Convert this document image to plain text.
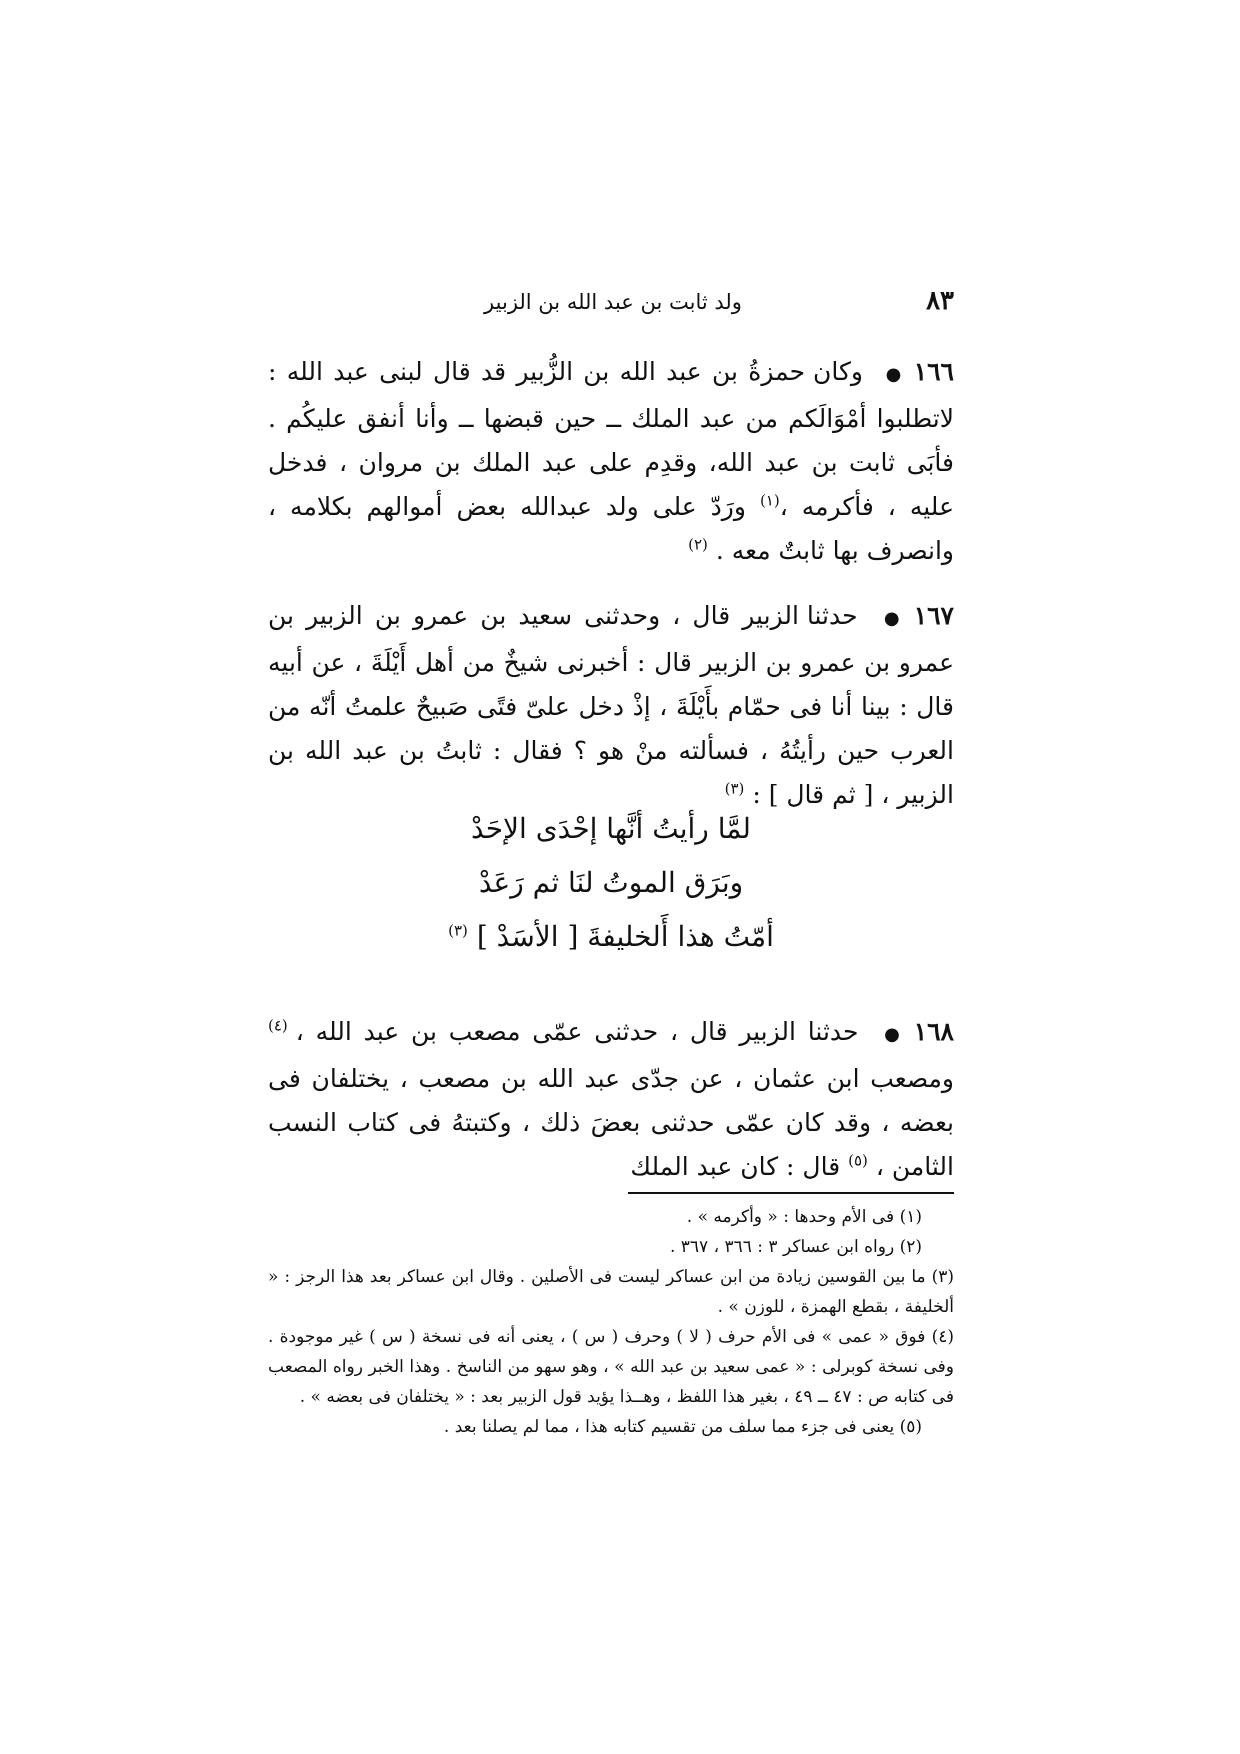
٨٣
ولد ثابت بن عبد الله بن الزبير
١٦٦● وكان حمزةُ بن عبد الله بن الزُّبير قد قال لبنى عبد الله : لاتطلبوا أمْوَالَكم من عبد الملك ــ حين قبضها ــ وأنا أنفق عليكُم . فأبَى ثابت بن عبد الله، وقدِم على عبد الملك بن مروان ، فدخل عليه ، فأكرمه ،$^{(١)}$ ورَدّ على ولد عبدالله بعض أموالهم بكلامه ، وانصرف بها ثابتٌ معه . $^{(٢)}$
١٦٧● حدثنا الزبير قال ، وحدثنى سعيد بن عمرو بن الزبير بن عمرو بن عمرو بن الزبير قال : أخبرنى شيخٌ من أهل أَيْلَةَ ، عن أبيه قال : بينا أنا فى حمّام بأَيْلَةَ ، إذْ دخل علىّ فتًى صَبيحٌ علمتُ أنّه من العرب حين رأيتُهُ ، فسألته منْ هو ؟ فقال : ثابتُ بن عبد الله بن الزبير ، [ ثم قال ] : $^{(٣)}$
لمَّا رأيتُ أنَّها إحْدَى الإحَدْ
وبَرَق الموتُ لنَا ثم رَعَدْ
أمّتُ هذا أَلخليفةَ [ الأسَدْ ] $^{(٣)}$
١٦٨● حدثنا الزبير قال ، حدثنى عمّى مصعب بن عبد الله ، $^{(٤)}$ ومصعب ابن عثمان ، عن جدّى عبد الله بن مصعب ، يختلفان فى بعضه ، وقد كان عمّى حدثنى بعضَ ذلك ، وكتبتهُ فى كتاب النسب الثامن ، $^{(٥)}$ قال : كان عبد الملك

(١) فى الأم وحدها : « وأكرمه » .

(٢) رواه ابن عساكر ٣ : ٣٦٦ ، ٣٦٧ .

(٣) ما بين القوسين زيادة من ابن عساكر ليست فى الأصلين . وقال ابن عساكر بعد هذا الرجز : « ألخليفة ، بقطع الهمزة ، للوزن » .

(٤) فوق « عمى » فى الأم حرف ( لا ) وحرف ( س ) ، يعنى أنه فى نسخة ( س ) غير موجودة . وفى نسخة كوبرلى : « عمى سعيد بن عبد الله » ، وهو سهو من الناسخ . وهذا الخبر رواه المصعب فى كتابه ص : ٤٧ ــ ٤٩ ، بغير هذا اللفظ ، وهــذا يؤيد قول الزبير بعد : « يختلفان فى بعضه » .

(٥) يعنى فى جزء مما سلف من تقسيم كتابه هذا ، مما لم يصلنا بعد .
